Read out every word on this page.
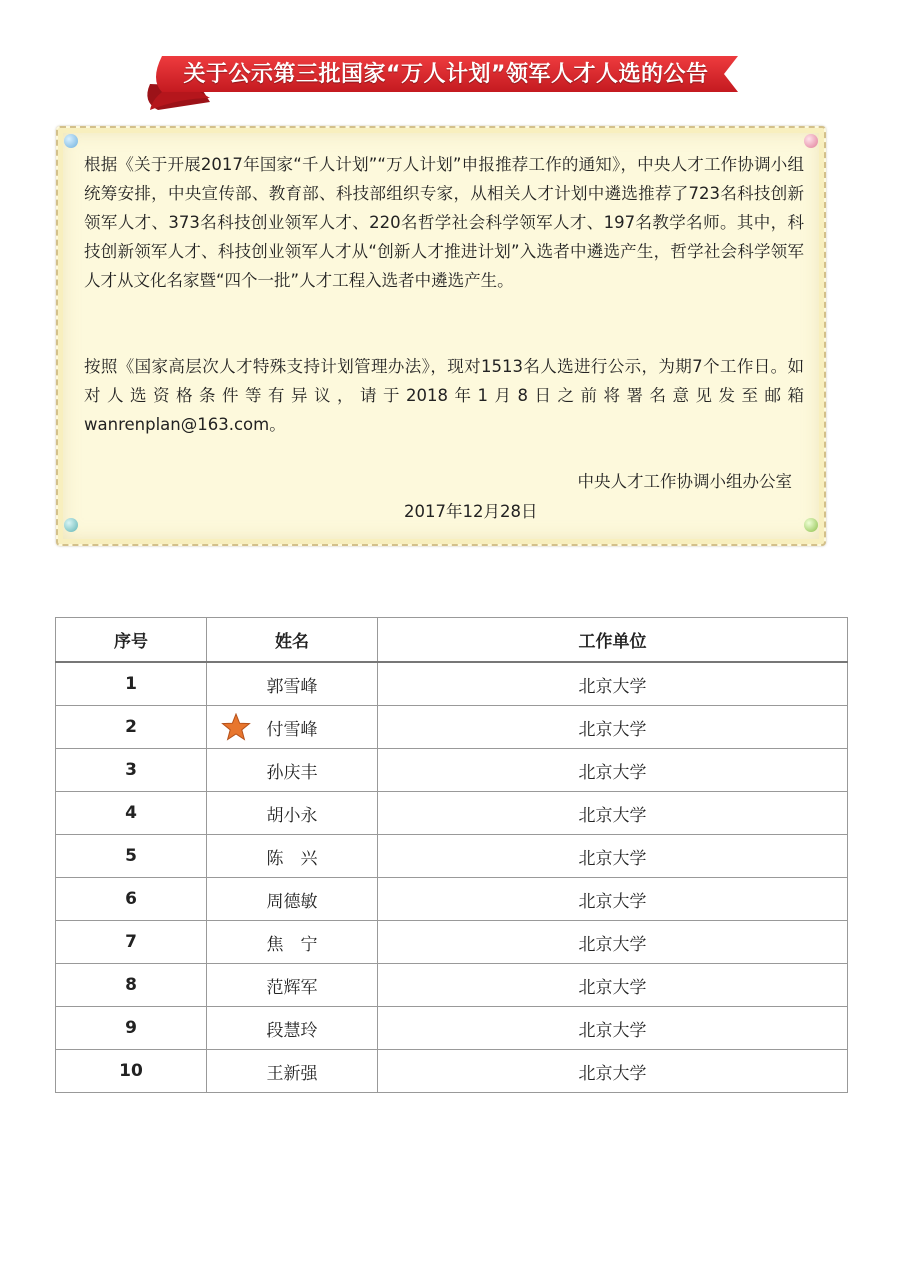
关于公示第三批国家“万人计划”领军人才人选的公告

根据《关于开展2017年国家“千人计划”“万人计划”申报推荐工作的通知》，中央人才工作协调小组统筹安排，中央宣传部、教育部、科技部组织专家，从相关人才计划中遴选推荐了723名科技创新领军人才、373名科技创业领军人才、220名哲学社会科学领军人才、197名教学名师。其中，科技创新领军人才、科技创业领军人才从“创新人才推进计划”入选者中遴选产生，哲学社会科学领军人才从文化名家暨“四个一批”人才工程入选者中遴选产生。

按照《国家高层次人才特殊支持计划管理办法》，现对1513名人选进行公示，为期7个工作日。如对人选资格条件等有异议，请于2018年1月8日之前将署名意见发至邮箱wanrenplan@163.com。

中央人才工作协调小组办公室
2017年12月28日
序号	姓名	工作单位
1	郭雪峰	北京大学
2	付雪峰	北京大学
3	孙庆丰	北京大学
4	胡小永	北京大学
5	陈　兴	北京大学
6	周德敏	北京大学
7	焦　宁	北京大学
8	范辉军	北京大学
9	段慧玲	北京大学
10	王新强	北京大学
